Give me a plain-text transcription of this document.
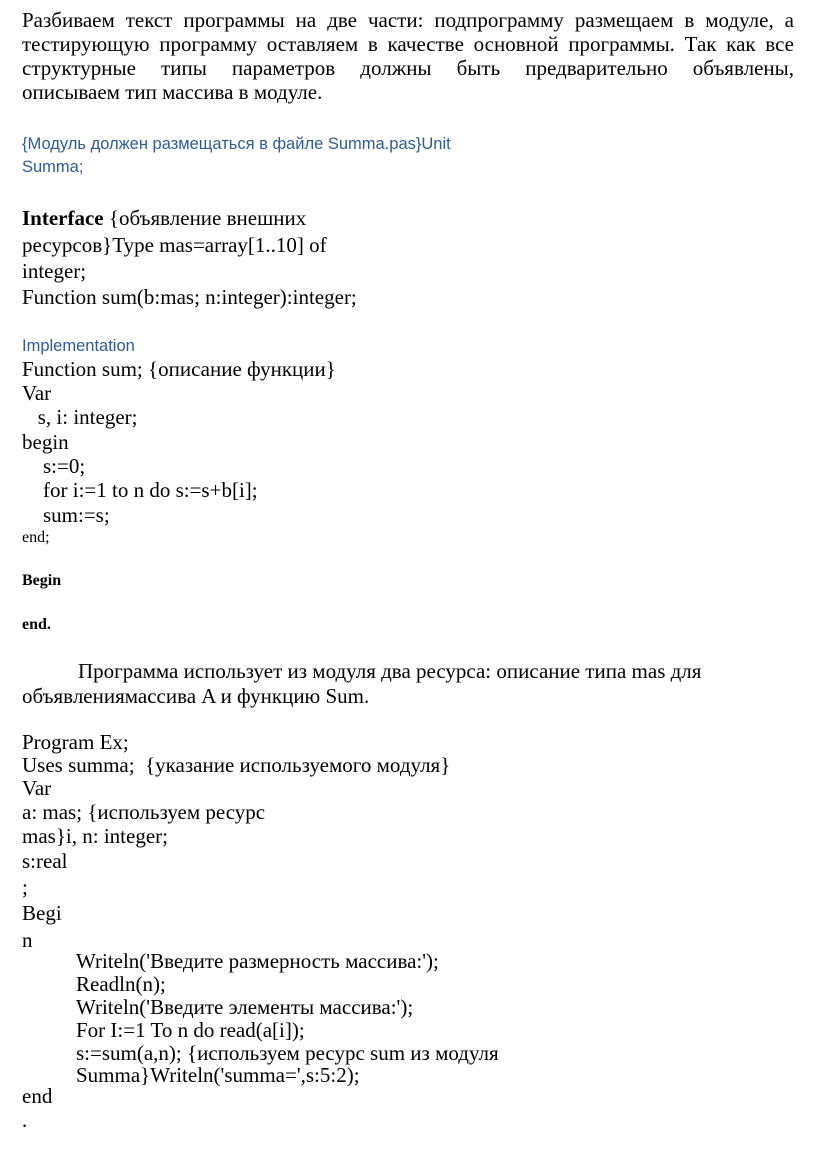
Разбиваем текст программы на две части: подпрограмму размещаем в модуле, а
тестирующую программу оставляем в качестве основной программы. Так как все
структурные типы параметров должны быть предварительно объявлены,
описываем тип массива в модуле.
{Модуль должен размещаться в файле Summa.pas}Unit
Summa;
Interface {объявление внешних
ресурсов}Type mas=array[1..10] of
integer;
Function sum(b:mas; n:integer):integer;
Implementation
Function sum; {описание функции}
Var
s, i: integer;
begin
s:=0;
for i:=1 to n do s:=s+b[i];
sum:=s;
end;
Begin
end.
Программа использует из модуля два ресурса: описание типа mas для
объявлениямассива A и функцию Sum.
Program Ex;
Uses summa;  {указание используемого модуля}
Var
a: mas; {используем ресурс
mas}i, n: integer;
s:real
;
Begi
n
Writeln('Введите размерность массива:');
Readln(n);
Writeln('Введите элементы массива:');
For I:=1 To n do read(a[i]);
s:=sum(a,n); {используем ресурс sum из модуля
Summa}Writeln('summa=',s:5:2);
end
.
